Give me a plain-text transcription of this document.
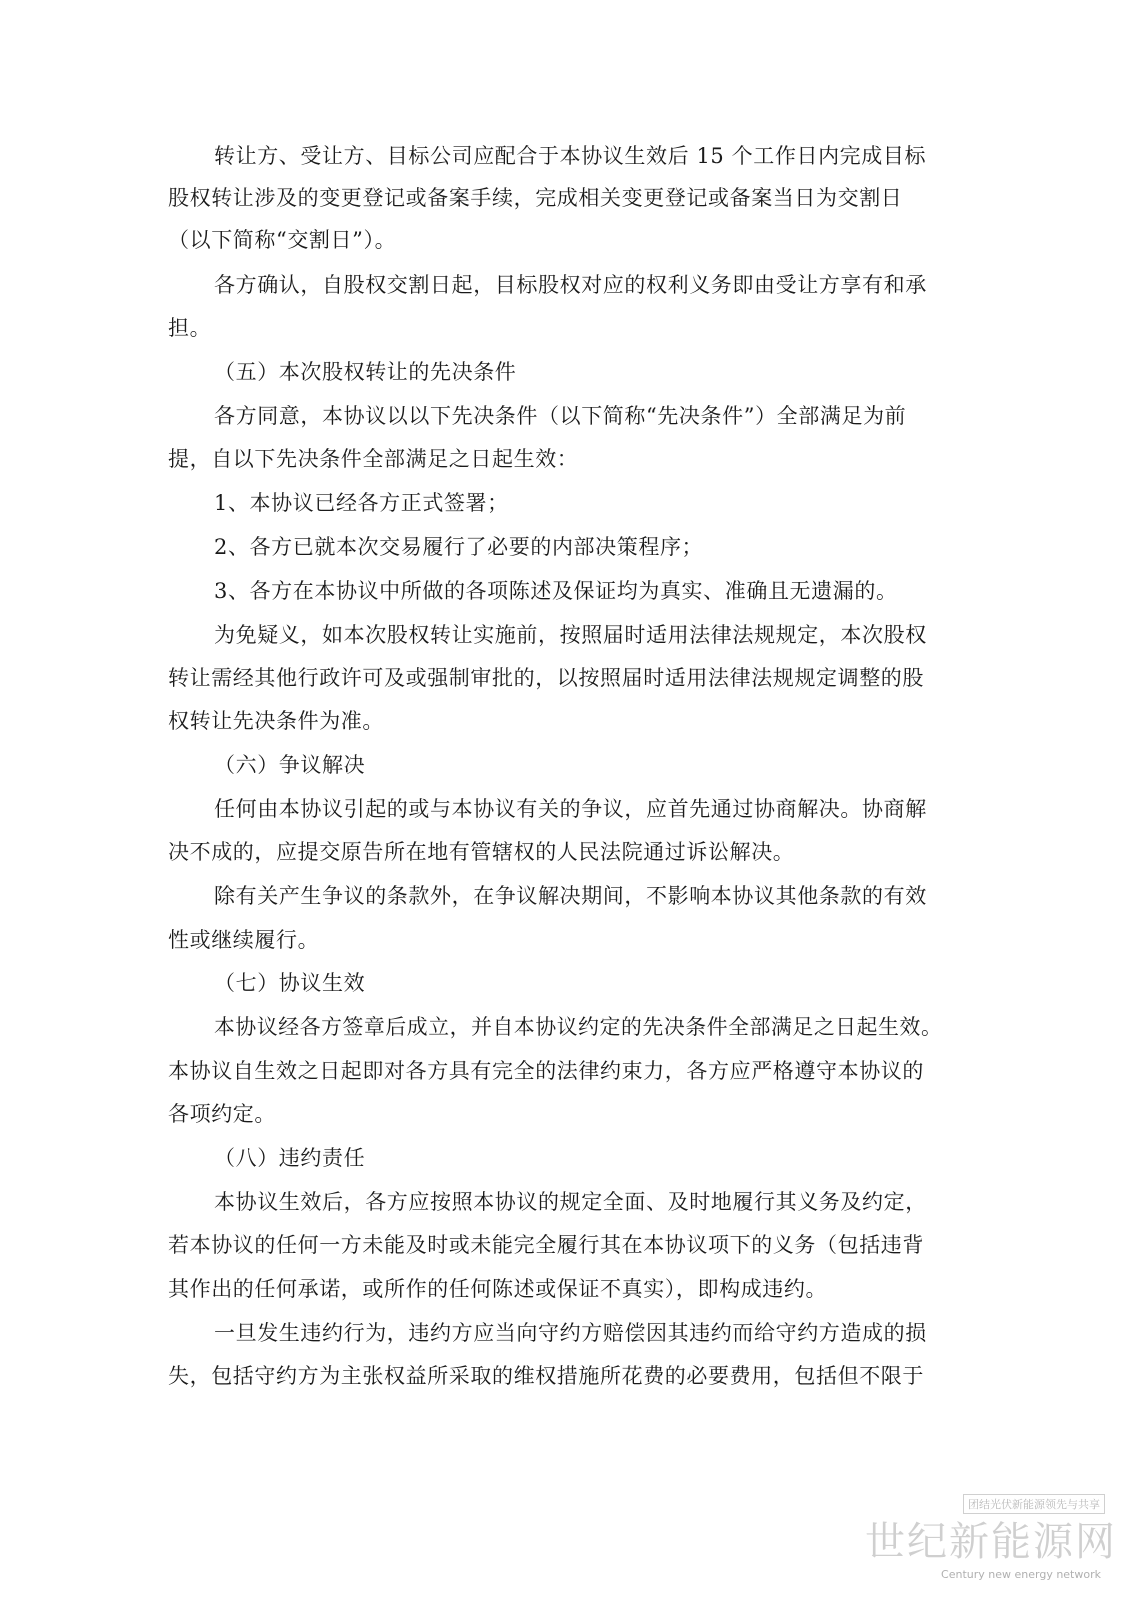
转让方、受让方、目标公司应配合于本协议生效后 15 个工作日内完成目标
股权转让涉及的变更登记或备案手续，完成相关变更登记或备案当日为交割日
（以下简称“交割日”）。
各方确认，自股权交割日起，目标股权对应的权利义务即由受让方享有和承
担。
（五）本次股权转让的先决条件
各方同意，本协议以以下先决条件（以下简称“先决条件”）全部满足为前
提，自以下先决条件全部满足之日起生效：
1、本协议已经各方正式签署；
2、各方已就本次交易履行了必要的内部决策程序；
3、各方在本协议中所做的各项陈述及保证均为真实、准确且无遗漏的。
为免疑义，如本次股权转让实施前，按照届时适用法律法规规定，本次股权
转让需经其他行政许可及或强制审批的，以按照届时适用法律法规规定调整的股
权转让先决条件为准。
（六）争议解决
任何由本协议引起的或与本协议有关的争议，应首先通过协商解决。协商解
决不成的，应提交原告所在地有管辖权的人民法院通过诉讼解决。
除有关产生争议的条款外，在争议解决期间，不影响本协议其他条款的有效
性或继续履行。
（七）协议生效
本协议经各方签章后成立，并自本协议约定的先决条件全部满足之日起生效。
本协议自生效之日起即对各方具有完全的法律约束力，各方应严格遵守本协议的
各项约定。
（八）违约责任
本协议生效后，各方应按照本协议的规定全面、及时地履行其义务及约定，
若本协议的任何一方未能及时或未能完全履行其在本协议项下的义务（包括违背
其作出的任何承诺，或所作的任何陈述或保证不真实），即构成违约。
一旦发生违约行为，违约方应当向守约方赔偿因其违约而给守约方造成的损
失，包括守约方为主张权益所采取的维权措施所花费的必要费用，包括但不限于
团结光伏新能源领先与共享
世纪新能源网
Century new energy network
